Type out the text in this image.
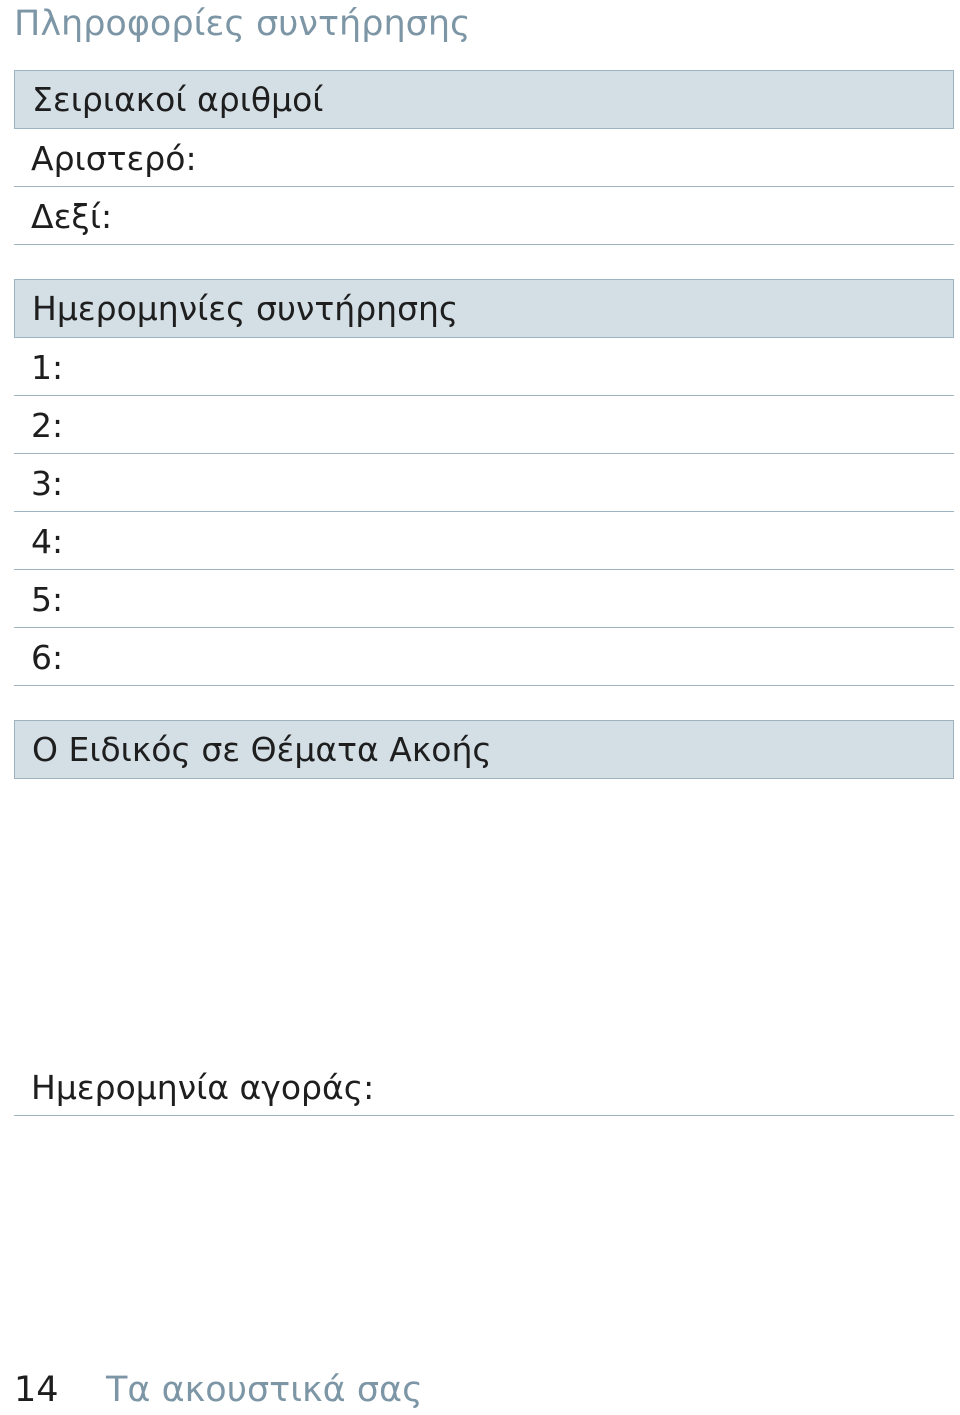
Πληροφορίες συντήρησης
Σειριακοί αριθμοί
Αριστερό:
Δεξί:
Ημερομηνίες συντήρησης
1:
2:
3:
4:
5:
6:
Ο Ειδικός σε Θέματα Ακοής
Ημερομηνία αγοράς:
14 Τα ακουστικά σας
